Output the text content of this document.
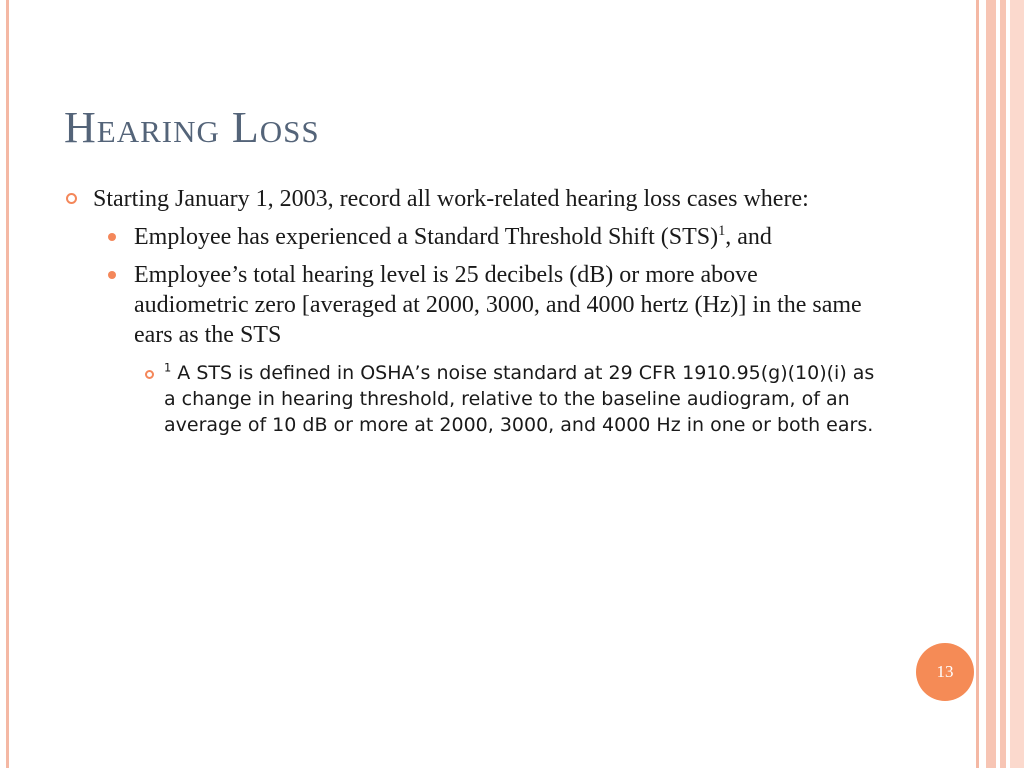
Hearing Loss
Starting January 1, 2003, record all work-related hearing loss cases where:
Employee has experienced a Standard Threshold Shift (STS)$^1$, and
Employee’s total hearing level is 25 decibels (dB) or more above audiometric zero [averaged at 2000, 3000, and 4000 hertz (Hz)] in the same ears as the STS
$^1$ A STS is defined in OSHA’s noise standard at 29 CFR 1910.95(g)(10)(i) as a change in hearing threshold, relative to the baseline audiogram, of an average of 10 dB or more at 2000, 3000, and 4000 Hz in one or both ears.
13
